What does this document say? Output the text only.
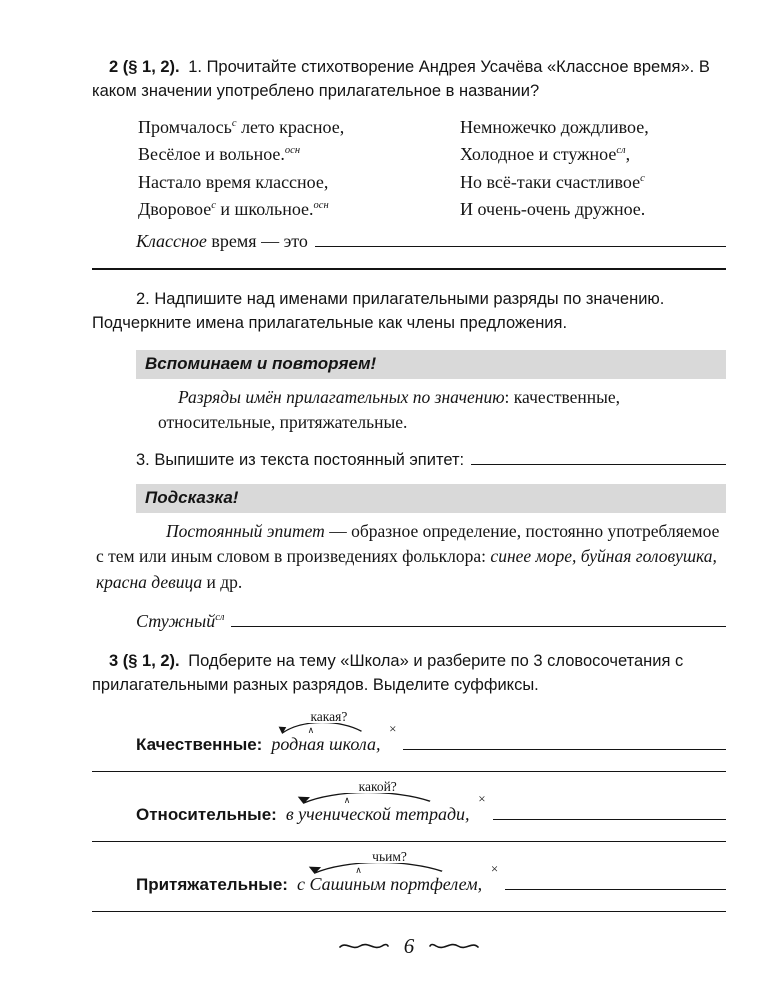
2 (§ 1, 2). 1. Прочитайте стихотворение Андрея Усачёва «Классное время». В каком значении употреблено прилагательное в названии?

Промчалось$^с$ лето красное,
Весёлое и вольное.$^{осн}$
Настало время классное,
Дворовое$^с$ и школьное.$^{осн}$
Немножечко дождливое,
Холодное и стужное$^{сл}$,
Но всё-таки счастливое$^с$
И очень-очень дружное.
Классное время — это

2. Надпишите над именами прилагательными разряды по значению. Подчеркните имена прилагательные как члены предложения.

Вспоминаем и повторяем!

Разряды имён прилагательных по значению: качественные, относительные, притяжательные.

3. Выпишите из текста постоянный эпитет:
Подсказка!

Постоянный эпитет — образное определение, постоянно употребляемое с тем или иным словом в произведениях фольклора: синее море, буйная головушка, красна девица и др.

Стужный$^{сл}$

3 (§ 1, 2). Подберите на тему «Школа» и разберите по 3 словосочетания с прилагательными разных разрядов. Выделите суффиксы.

Качественные:
какая?
∧
родная школа,
×
Относительные:
какой?
∧
в ученической тетради,
×
Притяжательные:
чьим?
∧
с Сашиным портфелем,
×
6
